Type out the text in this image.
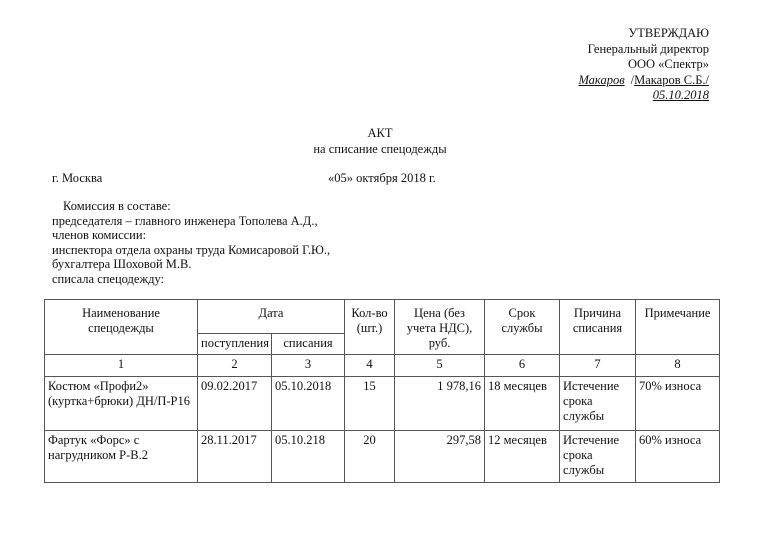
УТВЕРЖДАЮ
Генеральный директор
ООО «Спектр»
Макаров /Макаров С.Б./
05.10.2018
АКТ
на списание спецодежды
г. Москва	«05» октября 2018 г.
Комиссия в составе:
председателя – главного инженера Тополева А.Д.,
членов комиссии:
инспектора отдела охраны труда Комисаровой Г.Ю.,
бухгалтера Шоховой М.В.
списала спецодежду:
Наименование спецодежды	Дата		Кол-во (шт.)	Цена (без учета НДС), руб.	Срок службы	Причина списания	Примечание
	поступления	списания					
1	2	3	4	5	6	7	8
Костюм «Профи2» (куртка+брюки) ДН/П-Р16	09.02.2017	05.10.2018	15	1 978,16	18 месяцев	Истечение срока службы	70% износа
Фартук «Форс» с нагрудником Р-В.2	28.11.2017	05.10.218	20	297,58	12 месяцев	Истечение срока службы	60% износа
